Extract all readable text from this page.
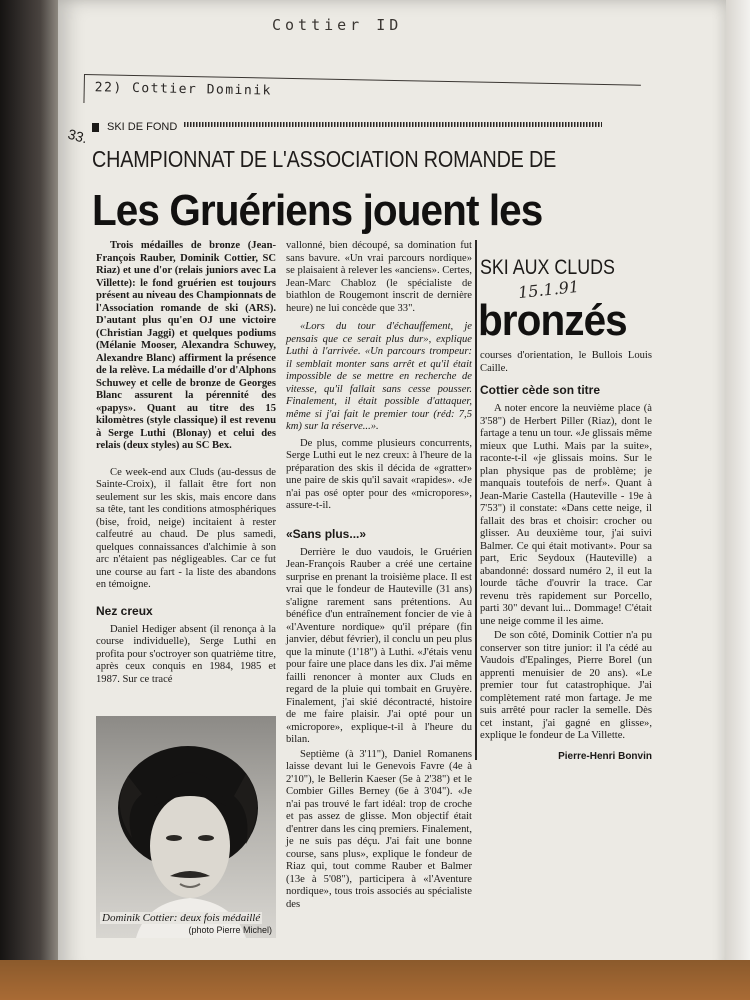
Cottier ID
22) Cottier Dominik
33.	SKI DE FOND
CHAMPIONNAT DE L'ASSOCIATION ROMANDE DE
Les Gruériens jouent les
SKI AUX CLUDS
15.1.91
bronzés

Trois médailles de bronze (Jean-François Rauber, Dominik Cottier, SC Riaz) et une d'or (relais juniors avec La Villette): le fond gruérien est toujours présent au niveau des Championnats de l'Association romande de ski (ARS). D'autant plus qu'en OJ une victoire (Christian Jaggi) et quelques podiums (Mélanie Mooser, Alexandra Schuwey, Alexandre Blanc) affirment la présence de la relève. La médaille d'or d'Alphons Schuwey et celle de bronze de Georges Blanc assurent la pérennité des «papys». Quant au titre des 15 kilomètres (style classique) il est revenu à Serge Luthi (Blonay) et celui des relais (deux styles) au SC Bex.

Ce week-end aux Cluds (au-dessus de Sainte-Croix), il fallait être fort non seulement sur les skis, mais encore dans sa tête, tant les conditions atmosphériques (bise, froid, neige) incitaient à rester calfeutré au chaud. De plus samedi, quelques connaissances d'alchimie à son arc n'étaient pas négligeables. Car ce fut une course au fart - la liste des abandons en témoigne.

Nez creux

Daniel Hediger absent (il renonça à la course individuelle), Serge Luthi en profita pour s'octroyer son quatrième titre, après ceux conquis en 1984, 1985 et 1987. Sur ce tracé

Dominik Cottier: deux fois médaillé
(photo Pierre Michel)

vallonné, bien découpé, sa domination fut sans bavure. «Un vrai parcours nordique» se plaisaient à relever les «anciens». Certes, Jean-Marc Chabloz (le spécialiste de biathlon de Rougemont inscrit de dernière heure) ne lui concède que 33".

«Lors du tour d'échauffement, je pensais que ce serait plus dur», explique Luthi à l'arrivée. «Un parcours trompeur: il semblait monter sans arrêt et qu'il était impossible de se mettre en recherche de vitesse, qu'il fallait sans cesse pousser. Finalement, il était possible d'attaquer, même si j'ai fait le premier tour (réd: 7,5 km) sur la réserve...».

De plus, comme plusieurs concurrents, Serge Luthi eut le nez creux: à l'heure de la préparation des skis il décida de «gratter» une paire de skis qu'il savait «rapides». «Je n'ai pas osé opter pour des «micropores», assure-t-il.

«Sans plus...»

Derrière le duo vaudois, le Gruérien Jean-François Rauber a créé une certaine surprise en prenant la troisième place. Il est vrai que le fondeur de Hauteville (31 ans) s'aligne rarement sans prétentions. Au bénéfice d'un entraînement foncier de vie à «l'Aventure nordique» qu'il prépare (fin janvier, début février), il conclu un peu plus que la minute (1'18") à Luthi. «J'étais venu pour faire une place dans les dix. J'ai même failli renoncer à monter aux Cluds en regard de la pluie qui tombait en Gruyère. Finalement, j'ai skié décontracté, histoire de me faire plaisir. J'ai opté pour un «micropore», explique-t-il à l'heure du bilan.

Septième (à 3'11"), Daniel Romanens laisse devant lui le Genevois Favre (4e à 2'10"), le Bellerin Kaeser (5e à 2'38") et le Combier Gilles Berney (6e à 3'04"). «Je n'ai pas trouvé le fart idéal: trop de croche et pas assez de glisse. Mon objectif était d'entrer dans les cinq premiers. Finalement, je ne suis pas déçu. J'ai fait une bonne course, sans plus», explique le fondeur de Riaz qui, tout comme Rauber et Balmer (13e à 5'08"), participera à «l'Aventure nordique», tous trois associés au spécialiste des

courses d'orientation, le Bullois Louis Caille.

Cottier cède son titre

A noter encore la neuvième place (à 3'58") de Herbert Piller (Riaz), dont le fartage a tenu un tour. «Je glissais même mieux que Luthi. Mais par la suite», raconte-t-il «je glissais moins. Sur le plan physique pas de problème; je manquais toutefois de nerf». Quant à Jean-Marie Castella (Hauteville - 19e à 7'53") il constate: «Dans cette neige, il fallait des bras et choisir: crocher ou glisser. Au deuxième tour, j'ai suivi Balmer. Ce qui était motivant». Pour sa part, Eric Seydoux (Hauteville) a abandonné: dossard numéro 2, il eut la lourde tâche d'ouvrir la trace. Car revenu très rapidement sur Porcello, parti 30" devant lui... Dommage! C'était une neige comme il les aime.

De son côté, Dominik Cottier n'a pu conserver son titre junior: il l'a cédé au Vaudois d'Epalinges, Pierre Borel (un apprenti menuisier de 20 ans). «Le premier tour fut catastrophique. J'ai complètement raté mon fartage. Je me suis arrêté pour racler la semelle. Dès cet instant, j'ai gagné en glisse», explique le fondeur de La Villette.

Pierre-Henri Bonvin
